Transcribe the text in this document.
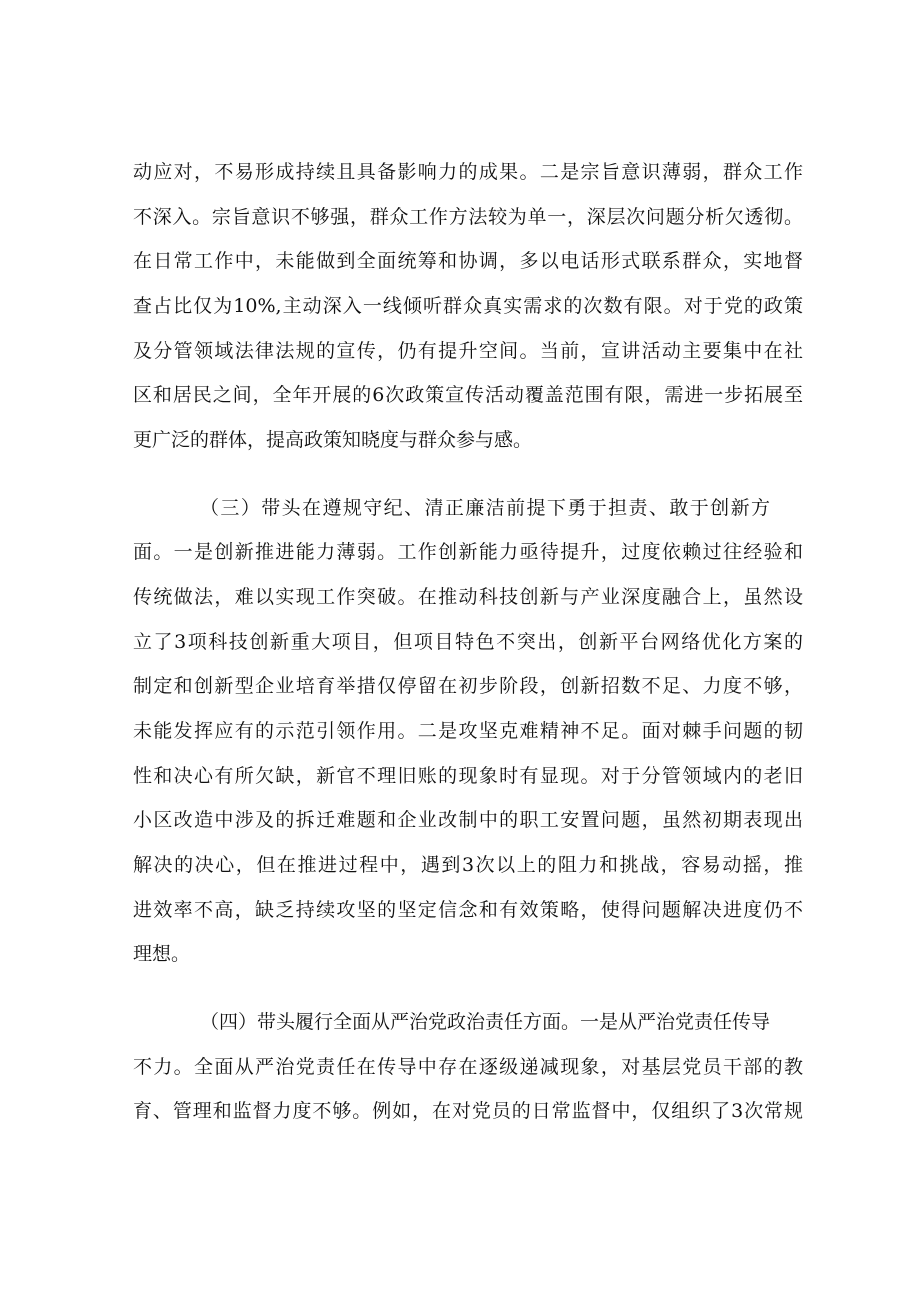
动应对，不易形成持续且具备影响力的成果。二是宗旨意识薄弱，群众工作

不深入。宗旨意识不够强，群众工作方法较为单一，深层次问题分析欠透彻。

在日常工作中，未能做到全面统筹和协调，多以电话形式联系群众，实地督

查占比仅为10%,主动深入一线倾听群众真实需求的次数有限。对于党的政策

及分管领域法律法规的宣传，仍有提升空间。当前，宣讲活动主要集中在社

区和居民之间，全年开展的6次政策宣传活动覆盖范围有限，需进一步拓展至

更广泛的群体，提高政策知晓度与群众参与感。

（三）带头在遵规守纪、清正廉洁前提下勇于担责、敢于创新方

面。一是创新推进能力薄弱。工作创新能力亟待提升，过度依赖过往经验和

传统做法，难以实现工作突破。在推动科技创新与产业深度融合上，虽然设

立了3项科技创新重大项目，但项目特色不突出，创新平台网络优化方案的

制定和创新型企业培育举措仅停留在初步阶段，创新招数不足、力度不够，

未能发挥应有的示范引领作用。二是攻坚克难精神不足。面对棘手问题的韧

性和决心有所欠缺，新官不理旧账的现象时有显现。对于分管领域内的老旧

小区改造中涉及的拆迁难题和企业改制中的职工安置问题，虽然初期表现出

解决的决心，但在推进过程中，遇到3次以上的阻力和挑战，容易动摇，推

进效率不高，缺乏持续攻坚的坚定信念和有效策略，使得问题解决进度仍不

理想。

（四）带头履行全面从严治党政治责任方面。一是从严治党责任传导

不力。全面从严治党责任在传导中存在逐级递减现象，对基层党员干部的教

育、管理和监督力度不够。例如，在对党员的日常监督中，仅组织了3次常规
